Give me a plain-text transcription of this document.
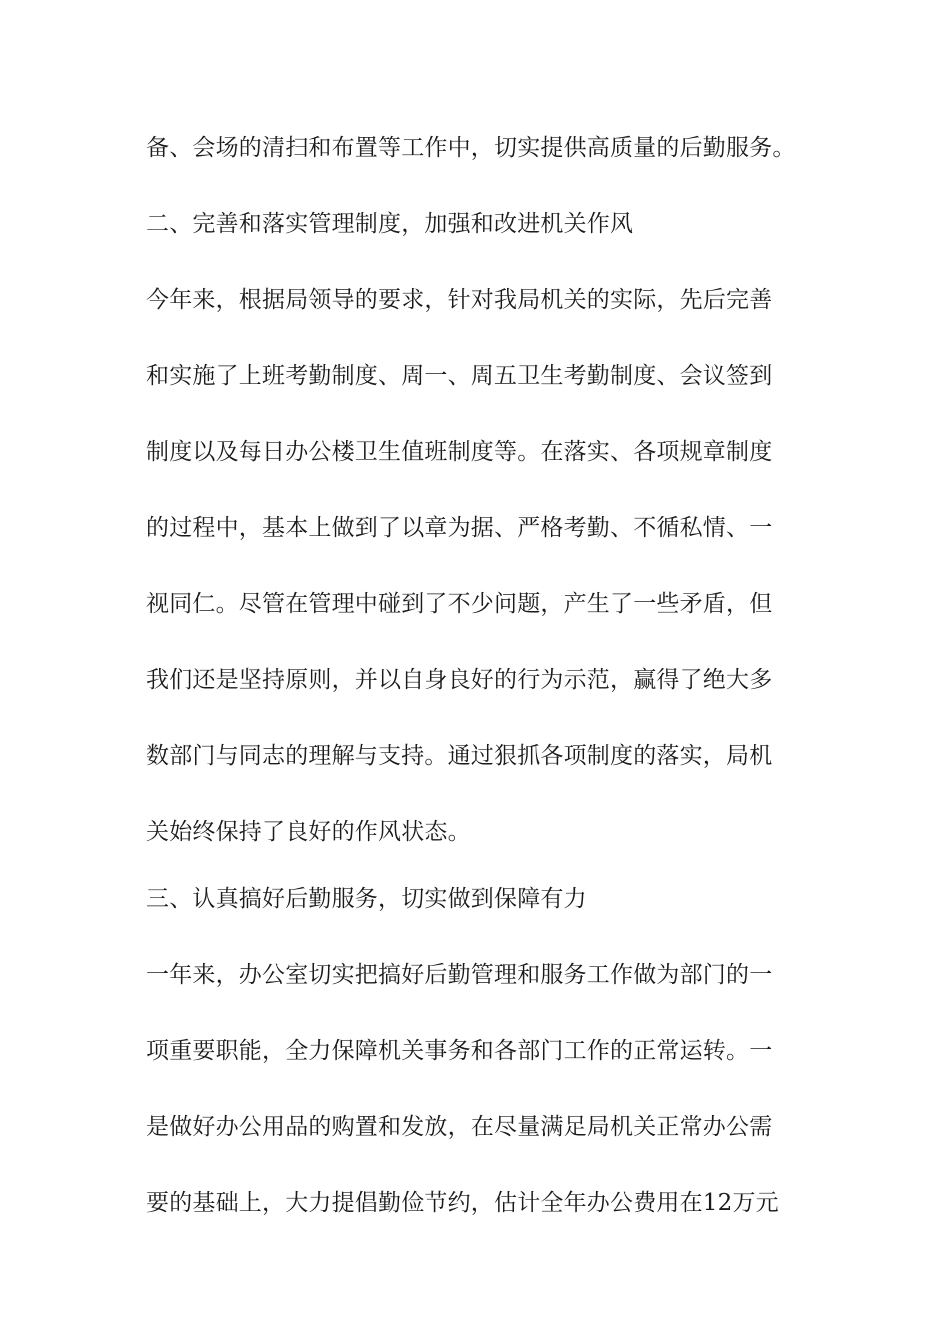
备、会场的清扫和布置等工作中，切实提供高质量的后勤服务。
二、完善和落实管理制度，加强和改进机关作风
今年来，根据局领导的要求，针对我局机关的实际，先后完善
和实施了上班考勤制度、周一、周五卫生考勤制度、会议签到
制度以及每日办公楼卫生值班制度等。在落实、各项规章制度
的过程中，基本上做到了以章为据、严格考勤、不循私情、一
视同仁。尽管在管理中碰到了不少问题，产生了一些矛盾，但
我们还是坚持原则，并以自身良好的行为示范，赢得了绝大多
数部门与同志的理解与支持。通过狠抓各项制度的落实，局机
关始终保持了良好的作风状态。
三、认真搞好后勤服务，切实做到保障有力
一年来，办公室切实把搞好后勤管理和服务工作做为部门的一
项重要职能，全力保障机关事务和各部门工作的正常运转。一
是做好办公用品的购置和发放，在尽量满足局机关正常办公需
要的基础上，大力提倡勤俭节约，估计全年办公费用在12万元
